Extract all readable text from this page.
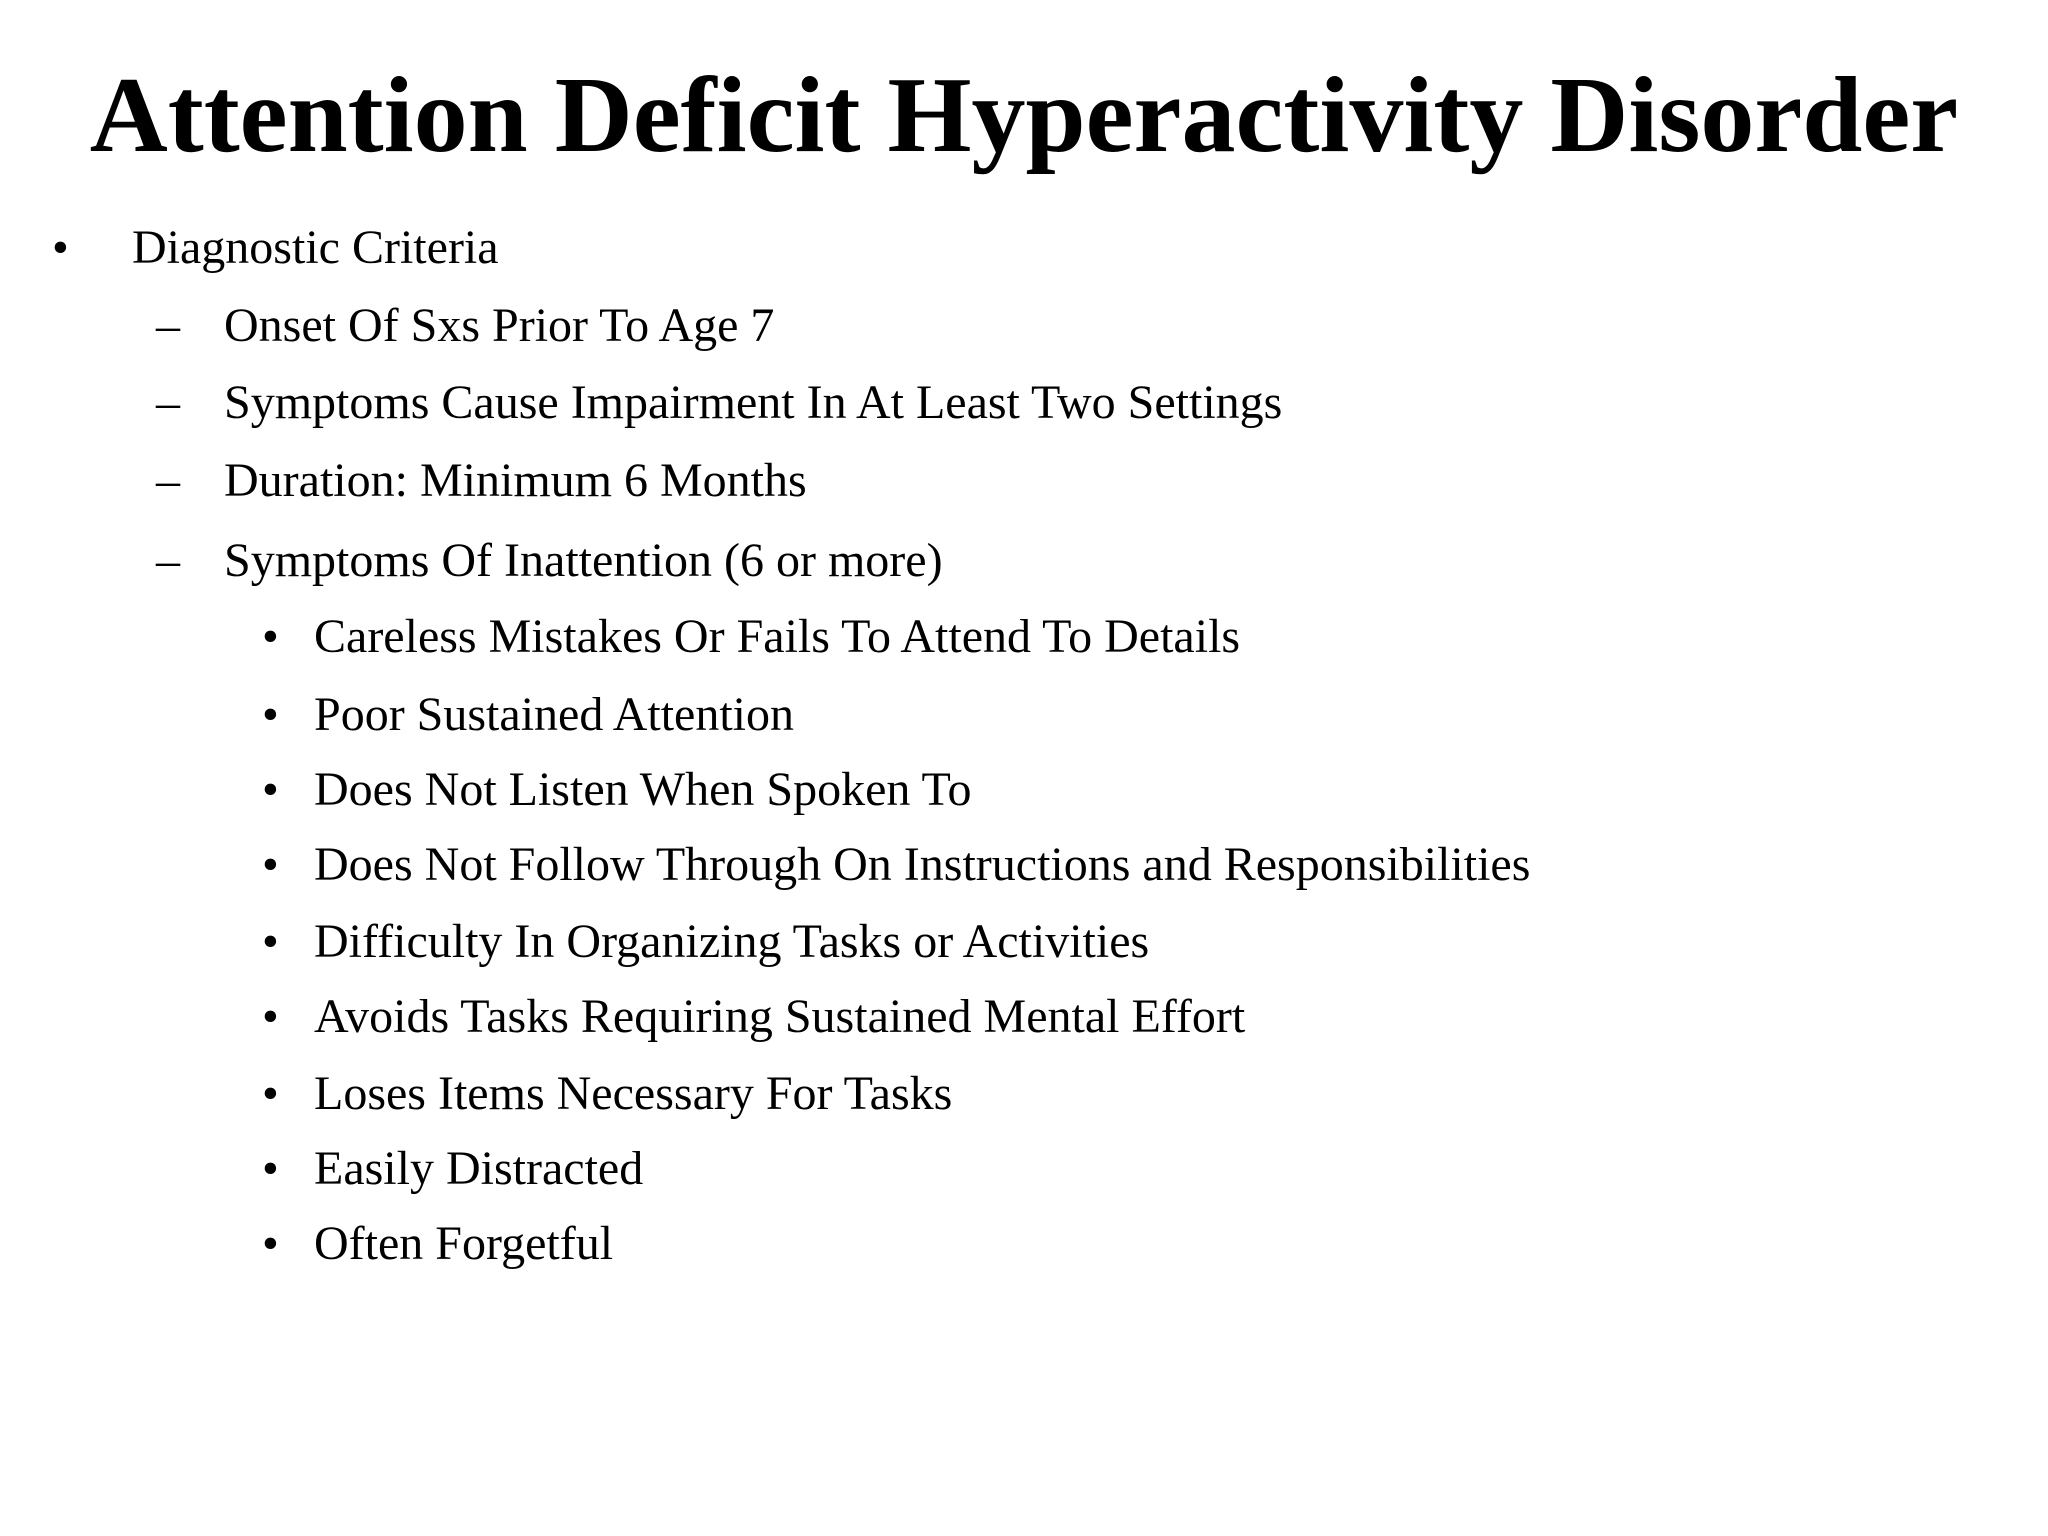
Attention Deficit Hyperactivity Disorder
• Diagnostic Criteria
– Onset Of Sxs Prior To Age 7
– Symptoms Cause Impairment In At Least Two Settings
– Duration: Minimum 6 Months
– Symptoms Of Inattention (6 or more)
• Careless Mistakes Or Fails To Attend To Details
• Poor Sustained Attention
• Does Not Listen When Spoken To
• Does Not Follow Through On Instructions and Responsibilities
• Difficulty In Organizing Tasks or Activities
• Avoids Tasks Requiring Sustained Mental Effort
• Loses Items Necessary For Tasks
• Easily Distracted
• Often Forgetful
